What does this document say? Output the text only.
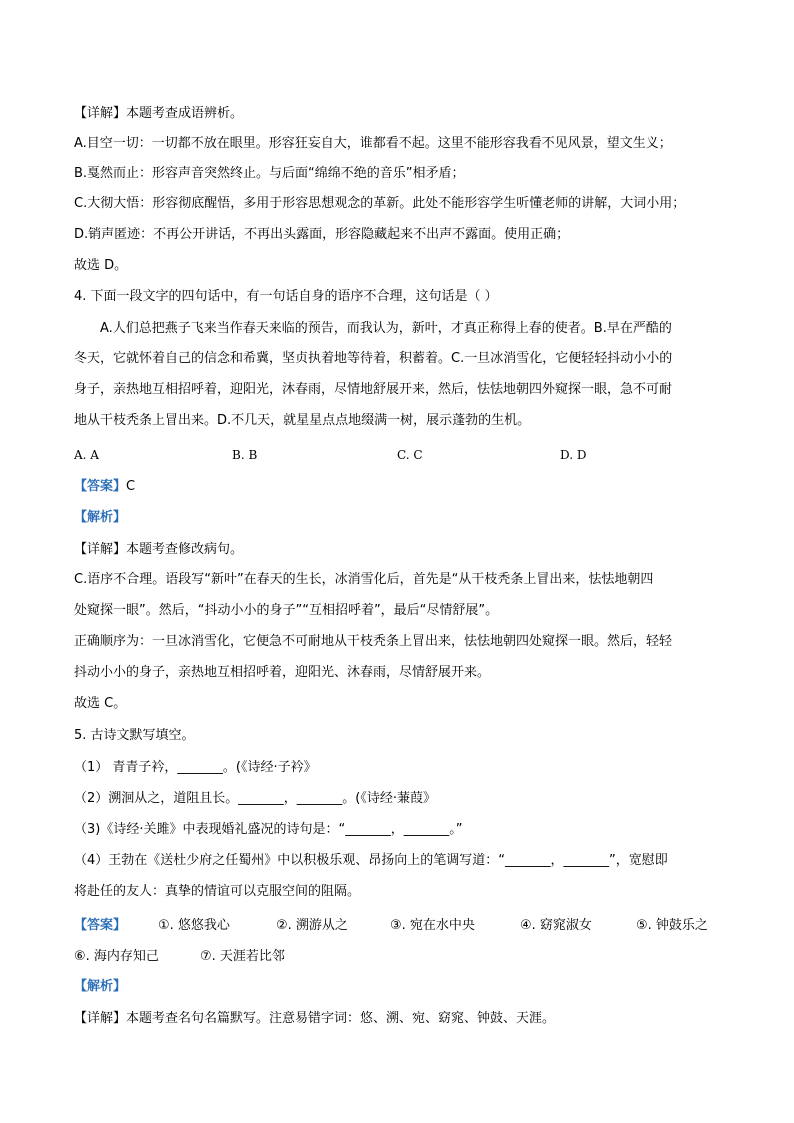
【详解】本题考查成语辨析。
A.目空一切：一切都不放在眼里。形容狂妄自大，谁都看不起。这里不能形容我看不见风景，望文生义；
B.戛然而止：形容声音突然终止。与后面“绵绵不绝的音乐”相矛盾；
C.大彻大悟：形容彻底醒悟，多用于形容思想观念的革新。此处不能形容学生听懂老师的讲解，大词小用；
D.销声匿迹：不再公开讲话，不再出头露面，形容隐藏起来不出声不露面。使用正确；
故选 D。
4. 下面一段文字的四句话中，有一句话自身的语序不合理，这句话是（ ）
A.人们总把燕子飞来当作春天来临的预告，而我认为，新叶，才真正称得上春的使者。B.早在严酷的
冬天，它就怀着自己的信念和希冀，坚贞执着地等待着，积蓄着。C.一旦冰消雪化，它便轻轻抖动小小的
身子，亲热地互相招呼着，迎阳光，沐春雨，尽情地舒展开来，然后，怯怯地朝四外窥探一眼，急不可耐
地从干枝秃条上冒出来。D.不几天，就星星点点地缀满一树，展示蓬勃的生机。
A. A	B. B	C. C	D. D
【答案】C
【解析】
【详解】本题考查修改病句。
C.语序不合理。语段写“新叶”在春天的生长，冰消雪化后，首先是“从干枝秃条上冒出来，怯怯地朝四
处窥探一眼”。然后，“抖动小小的身子”“互相招呼着”，最后“尽情舒展”。
正确顺序为：一旦冰消雪化，它便急不可耐地从干枝秃条上冒出来，怯怯地朝四处窥探一眼。然后，轻轻
抖动小小的身子，亲热地互相招呼着，迎阳光、沐春雨，尽情舒展开来。
故选 C。
5. 古诗文默写填空。
（1） 青青子衿，_______。(《诗经·子衿》
（2）溯洄从之，道阻且长。_______，_______。(《诗经·蒹葭》
（3)《诗经·关雎》中表现婚礼盛况的诗句是：“_______，_______。”
（4）王勃在《送杜少府之任蜀州》中以积极乐观、昂扬向上的笔调写道：“_______，_______”，宽慰即
将赴任的友人：真挚的情谊可以克服空间的阻隔。
【答案】 ①. 悠悠我心	②. 溯游从之	③. 宛在水中央	④. 窈窕淑女	⑤. 钟鼓乐之
⑥. 海内存知己	⑦. 天涯若比邻
【解析】
【详解】本题考查名句名篇默写。注意易错字词：悠、溯、宛、窈窕、钟鼓、天涯。
